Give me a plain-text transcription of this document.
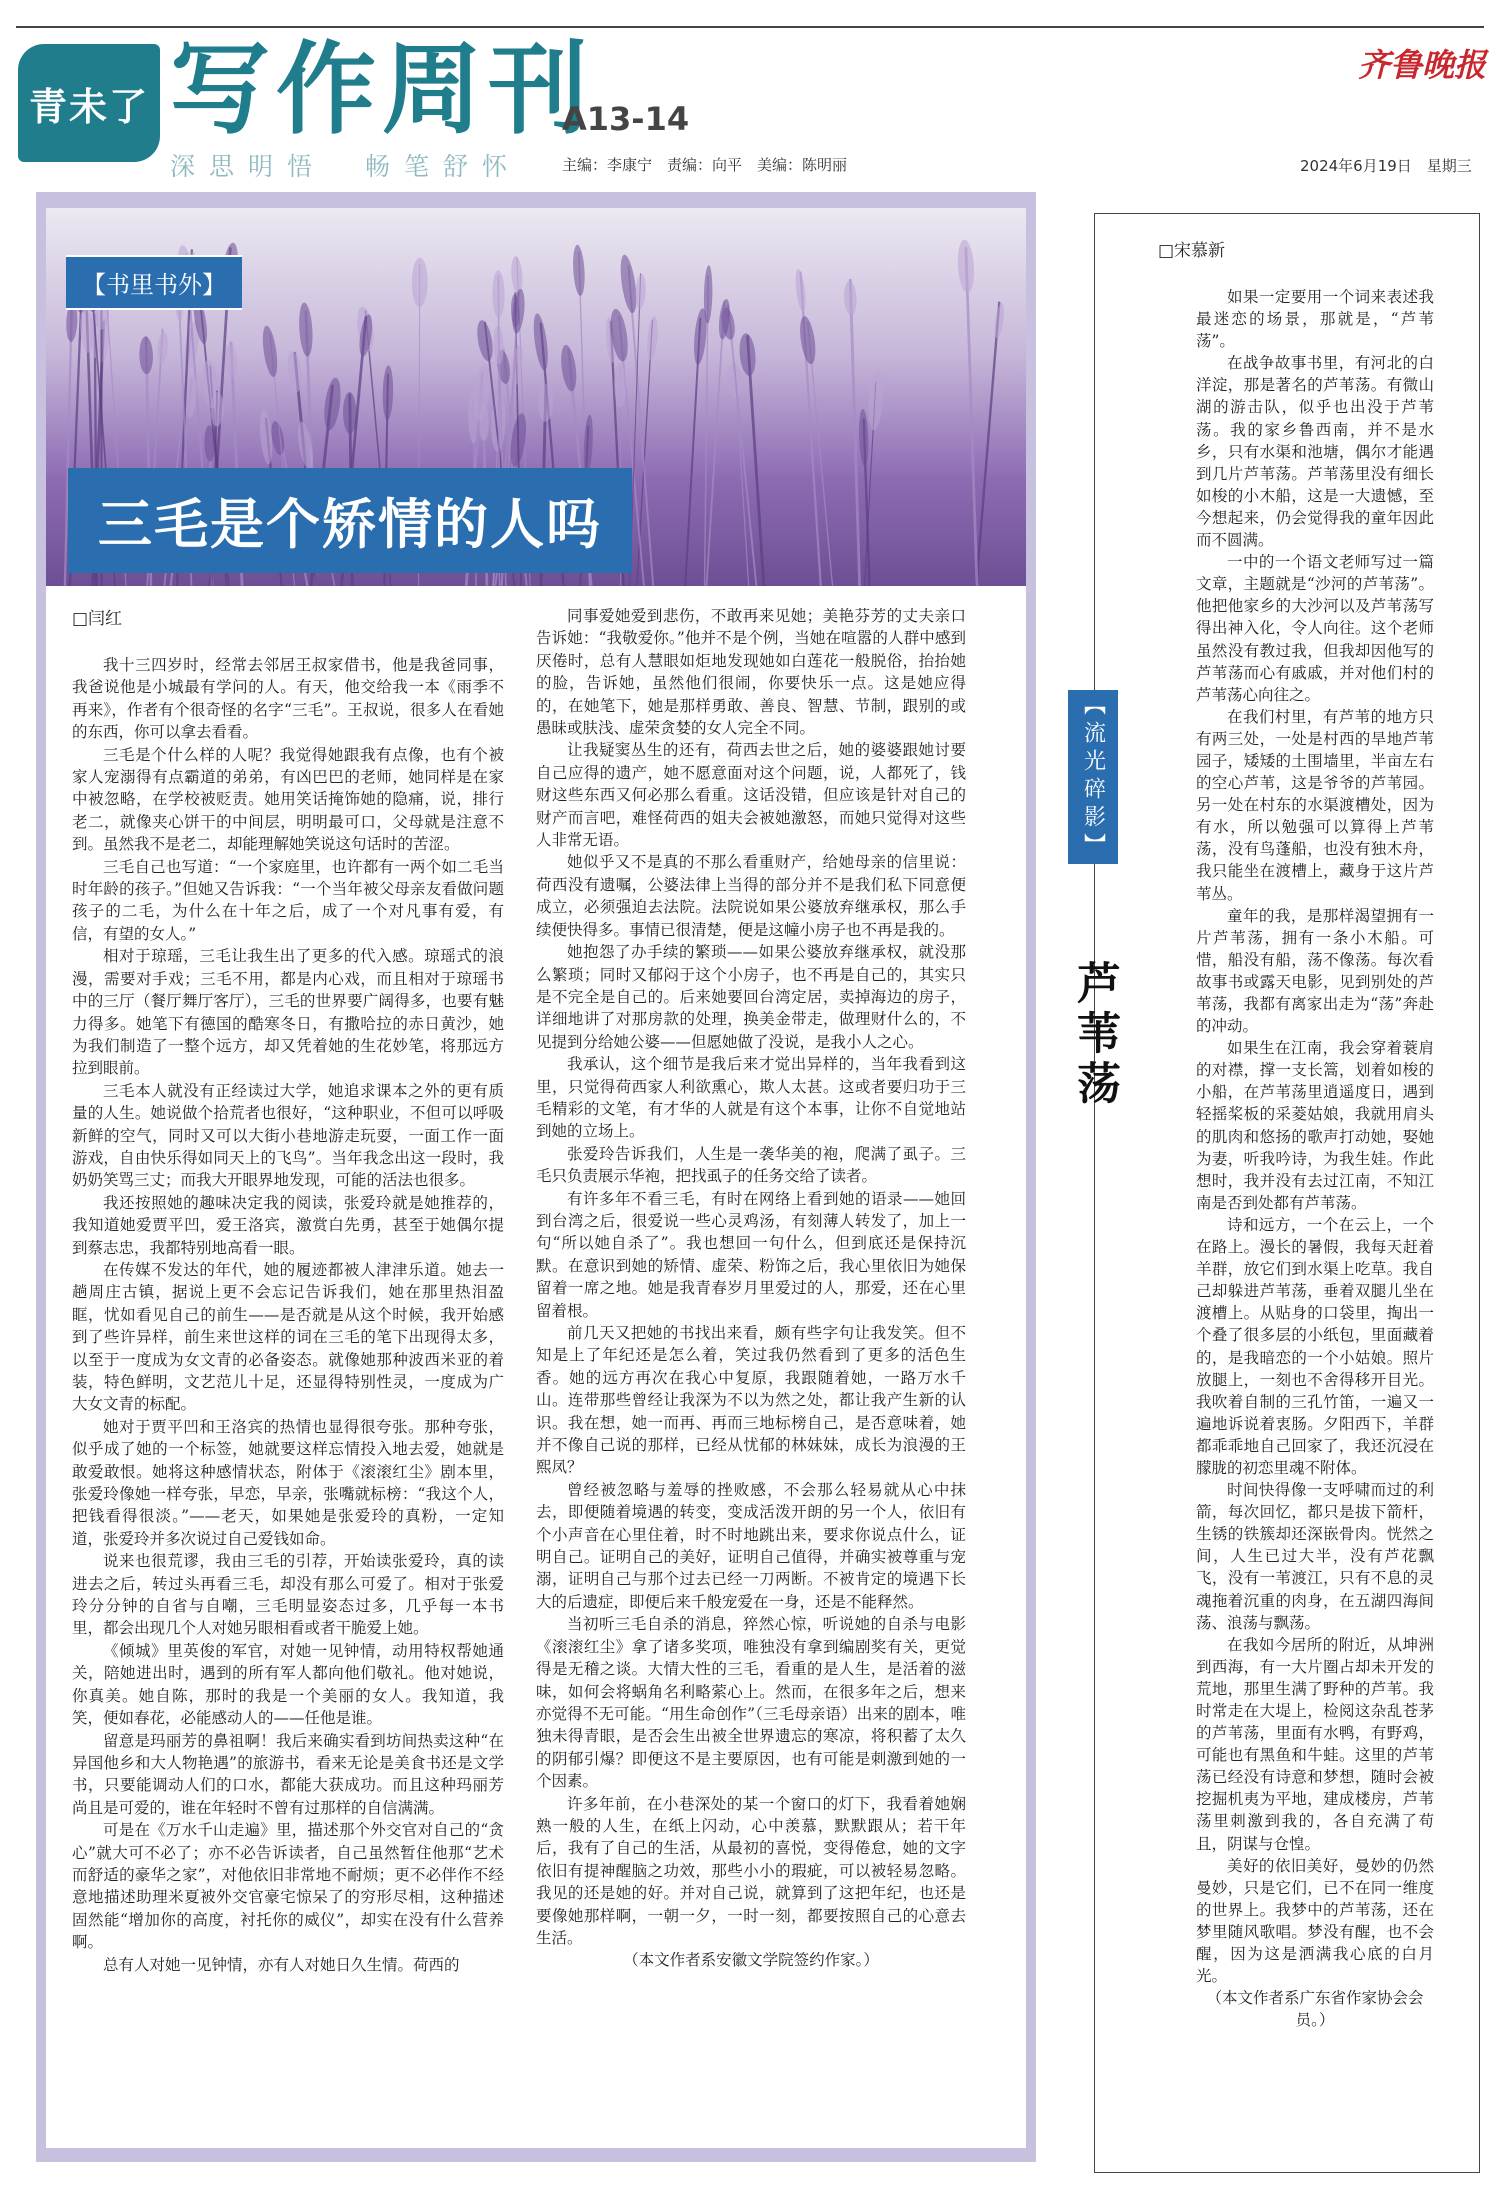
青未了 写作周刊
深思明悟　畅笔舒怀
A13-14
主编：李康宁　责编：向平　美编：陈明丽
齐鲁晚报
2024年6月19日　星期三
【书里书外】
三毛是个矫情的人吗
□闫红

我十三四岁时，经常去邻居王叔家借书，他是我爸同事，我爸说他是小城最有学问的人。有天，他交给我一本《雨季不再来》，作者有个很奇怪的名字“三毛”。王叔说，很多人在看她的东西，你可以拿去看看。

三毛是个什么样的人呢？我觉得她跟我有点像，也有个被家人宠溺得有点霸道的弟弟，有凶巴巴的老师，她同样是在家中被忽略，在学校被贬责。她用笑话掩饰她的隐痛，说，排行老二，就像夹心饼干的中间层，明明最可口，父母就是注意不到。虽然我不是老二，却能理解她笑说这句话时的苦涩。

三毛自己也写道：“一个家庭里，也许都有一两个如二毛当时年龄的孩子。”但她又告诉我：“一个当年被父母亲友看做问题孩子的二毛，为什么在十年之后，成了一个对凡事有爱，有信，有望的女人。”

相对于琼瑶，三毛让我生出了更多的代入感。琼瑶式的浪漫，需要对手戏；三毛不用，都是内心戏，而且相对于琼瑶书中的三厅（餐厅舞厅客厅），三毛的世界要广阔得多，也要有魅力得多。她笔下有德国的酷寒冬日，有撒哈拉的赤日黄沙，她为我们制造了一整个远方，却又凭着她的生花妙笔，将那远方拉到眼前。

三毛本人就没有正经读过大学，她追求课本之外的更有质量的人生。她说做个拾荒者也很好，“这种职业，不但可以呼吸新鲜的空气，同时又可以大街小巷地游走玩耍，一面工作一面游戏，自由快乐得如同天上的飞鸟”。当年我念出这一段时，我奶奶笑骂三丈；而我大开眼界地发现，可能的活法也很多。

我还按照她的趣味决定我的阅读，张爱玲就是她推荐的，我知道她爱贾平凹，爱王洛宾，激赏白先勇，甚至于她偶尔提到蔡志忠，我都特别地高看一眼。

在传媒不发达的年代，她的履迹都被人津津乐道。她去一趟周庄古镇，据说上更不会忘记告诉我们，她在那里热泪盈眶，忧如看见自己的前生——是否就是从这个时候，我开始感到了些许异样，前生来世这样的词在三毛的笔下出现得太多，以至于一度成为女文青的必备姿态。就像她那种波西米亚的着装，特色鲜明，文艺范儿十足，还显得特别性灵，一度成为广大女文青的标配。

她对于贾平凹和王洛宾的热情也显得很夸张。那种夸张，似乎成了她的一个标签，她就要这样忘情投入地去爱，她就是敢爱敢恨。她将这种感情状态，附体于《滚滚红尘》剧本里，张爱玲像她一样夸张，早恋，早亲，张嘴就标榜：“我这个人，把钱看得很淡。”——老天，如果她是张爱玲的真粉，一定知道，张爱玲并多次说过自己爱钱如命。

说来也很荒谬，我由三毛的引荐，开始读张爱玲，真的读进去之后，转过头再看三毛，却没有那么可爱了。相对于张爱玲分分钟的自省与自嘲，三毛明显姿态过多，几乎每一本书里，都会出现几个人对她另眼相看或者干脆爱上她。

《倾城》里英俊的军官，对她一见钟情，动用特权帮她通关，陪她进出时，遇到的所有军人都向他们敬礼。他对她说，你真美。她自陈，那时的我是一个美丽的女人。我知道，我笑，便如春花，必能感动人的——任他是谁。

留意是玛丽芳的鼻祖啊！我后来确实看到坊间热卖这种“在异国他乡和大人物艳遇”的旅游书，看来无论是美食书还是文学书，只要能调动人们的口水，都能大获成功。而且这种玛丽芳尚且是可爱的，谁在年轻时不曾有过那样的自信满满。

可是在《万水千山走遍》里，描述那个外交官对自己的“贪心”就大可不必了；亦不必告诉读者，自己虽然暂住他那“艺术而舒适的豪华之家”，对他依旧非常地不耐烦；更不必伴作不经意地描述助理米夏被外交官豪宅惊呆了的穷形尽相，这种描述固然能“增加你的高度，衬托你的威仪”，却实在没有什么营养啊。

总有人对她一见钟情，亦有人对她日久生情。荷西的

同事爱她爱到悲伤，不敢再来见她；美艳芬芳的丈夫亲口告诉她：“我敬爱你。”他并不是个例，当她在喧嚣的人群中感到厌倦时，总有人慧眼如炬地发现她如白莲花一般脱俗，抬抬她的脸，告诉她，虽然他们很闹，你要快乐一点。这是她应得的，在她笔下，她是那样勇敢、善良、智慧、节制，跟别的或愚昧或肤浅、虚荣贪婪的女人完全不同。

让我疑窦丛生的还有，荷西去世之后，她的婆婆跟她讨要自己应得的遗产，她不愿意面对这个问题，说，人都死了，钱财这些东西又何必那么看重。这话没错，但应该是针对自己的财产而言吧，难怪荷西的姐夫会被她激怒，而她只觉得对这些人非常无语。

她似乎又不是真的不那么看重财产，给她母亲的信里说：荷西没有遗嘱，公婆法律上当得的部分并不是我们私下同意便成立，必须强迫去法院。法院说如果公婆放弃继承权，那么手续便快得多。事情已很清楚，便是这幢小房子也不再是我的。

她抱怨了办手续的繁琐——如果公婆放弃继承权，就没那么繁琐；同时又郁闷于这个小房子，也不再是自己的，其实只是不完全是自己的。后来她要回台湾定居，卖掉海边的房子，详细地讲了对那房款的处理，换美金带走，做理财什么的，不见提到分给她公婆——但愿她做了没说，是我小人之心。

我承认，这个细节是我后来才觉出异样的，当年我看到这里，只觉得荷西家人利欲熏心，欺人太甚。这或者要归功于三毛精彩的文笔，有才华的人就是有这个本事，让你不自觉地站到她的立场上。

张爱玲告诉我们，人生是一袭华美的袍，爬满了虱子。三毛只负责展示华袍，把找虱子的任务交给了读者。

有许多年不看三毛，有时在网络上看到她的语录——她回到台湾之后，很爱说一些心灵鸡汤，有刻薄人转发了，加上一句“所以她自杀了”。我也想回一句什么，但到底还是保持沉默。在意识到她的矫情、虚荣、粉饰之后，我心里依旧为她保留着一席之地。她是我青春岁月里爱过的人，那爱，还在心里留着根。

前几天又把她的书找出来看，颇有些字句让我发笑。但不知是上了年纪还是怎么着，笑过我仍然看到了更多的活色生香。她的远方再次在我心中复原，我跟随着她，一路万水千山。连带那些曾经让我深为不以为然之处，都让我产生新的认识。我在想，她一而再、再而三地标榜自己，是否意味着，她并不像自己说的那样，已经从忧郁的林妹妹，成长为浪漫的王熙凤？

曾经被忽略与羞辱的挫败感，不会那么轻易就从心中抹去，即便随着境遇的转变，变成活泼开朗的另一个人，依旧有个小声音在心里住着，时不时地跳出来，要求你说点什么，证明自己。证明自己的美好，证明自己值得，并确实被尊重与宠溺，证明自己与那个过去已经一刀两断。不被肯定的境遇下长大的后遗症，即便后来千般宠爱在一身，还是不能释然。

当初听三毛自杀的消息，猝然心惊，听说她的自杀与电影《滚滚红尘》拿了诸多奖项，唯独没有拿到编剧奖有关，更觉得是无稽之谈。大情大性的三毛，看重的是人生，是活着的滋味，如何会将蜗角名利略萦心上。然而，在很多年之后，想来亦觉得不无可能。“用生命创作”（三毛母亲语）出来的剧本，唯独未得青眼，是否会生出被全世界遗忘的寒凉，将积蓄了太久的阴郁引爆？即便这不是主要原因，也有可能是刺激到她的一个因素。

许多年前，在小巷深处的某一个窗口的灯下，我看着她娴熟一般的人生，在纸上闪动，心中羡慕，默默跟从；若干年后，我有了自己的生活，从最初的喜悦，变得倦怠，她的文字依旧有提神醒脑之功效，那些小小的瑕疵，可以被轻易忽略。我见的还是她的好。并对自己说，就算到了这把年纪，也还是要像她那样啊，一朝一夕，一时一刻，都要按照自己的心意去生活。

（本文作者系安徽文学院签约作家。）

□宋慕新

如果一定要用一个词来表述我最迷恋的场景，那就是，“芦苇荡”。

在战争故事书里，有河北的白洋淀，那是著名的芦苇荡。有微山湖的游击队，似乎也出没于芦苇荡。我的家乡鲁西南，并不是水乡，只有水渠和池塘，偶尔才能遇到几片芦苇荡。芦苇荡里没有细长如梭的小木船，这是一大遗憾，至今想起来，仍会觉得我的童年因此而不圆满。

一中的一个语文老师写过一篇文章，主题就是“沙河的芦苇荡”。他把他家乡的大沙河以及芦苇荡写得出神入化，令人向往。这个老师虽然没有教过我，但我却因他写的芦苇荡而心有戚戚，并对他们村的芦苇荡心向往之。

在我们村里，有芦苇的地方只有两三处，一处是村西的旱地芦苇园子，矮矮的土围墙里，半亩左右的空心芦苇，这是爷爷的芦苇园。另一处在村东的水渠渡槽处，因为有水，所以勉强可以算得上芦苇荡，没有鸟蓬船，也没有独木舟，我只能坐在渡槽上，藏身于这片芦苇丛。

童年的我，是那样渴望拥有一片芦苇荡，拥有一条小木船。可惜，船没有船，荡不像荡。每次看故事书或露天电影，见到别处的芦苇荡，我都有离家出走为“荡”奔赴的冲动。

如果生在江南，我会穿着蓑肩的对襟，撑一支长篙，划着如梭的小船，在芦苇荡里逍遥度日，遇到轻摇桨板的采菱姑娘，我就用肩头的肌肉和悠扬的歌声打动她，娶她为妻，听我吟诗，为我生娃。作此想时，我并没有去过江南，不知江南是否到处都有芦苇荡。

诗和远方，一个在云上，一个在路上。漫长的暑假，我每天赶着羊群，放它们到水渠上吃草。我自己却躲进芦苇荡，垂着双腿儿坐在渡槽上。从贴身的口袋里，掏出一个叠了很多层的小纸包，里面藏着的，是我暗恋的一个小姑娘。照片放腿上，一刻也不舍得移开目光。我吹着自制的三孔竹笛，一遍又一遍地诉说着衷肠。夕阳西下，羊群都乖乖地自己回家了，我还沉浸在朦胧的初恋里魂不附体。

时间快得像一支呼啸而过的利箭，每次回忆，都只是拔下箭杆，生锈的铁簇却还深嵌骨肉。恍然之间，人生已过大半，没有芦花飘飞，没有一苇渡江，只有不息的灵魂拖着沉重的肉身，在五湖四海间荡、浪荡与飘荡。

在我如今居所的附近，从坤洲到西海，有一大片圈占却未开发的荒地，那里生满了野种的芦苇。我时常走在大堤上，检阅这杂乱苍茅的芦苇荡，里面有水鸭，有野鸡，可能也有黑鱼和牛蛙。这里的芦苇荡已经没有诗意和梦想，随时会被挖掘机夷为平地，建成楼房，芦苇荡里刺激到我的，各自充满了苟且，阴谋与仓惶。

美好的依旧美好，曼妙的仍然曼妙，只是它们，已不在同一维度的世界上。我梦中的芦苇荡，还在梦里随风歌唱。梦没有醒，也不会醒，因为这是洒满我心底的白月光。

（本文作者系广东省作家协会会员。）

【流光碎影】
芦苇荡
